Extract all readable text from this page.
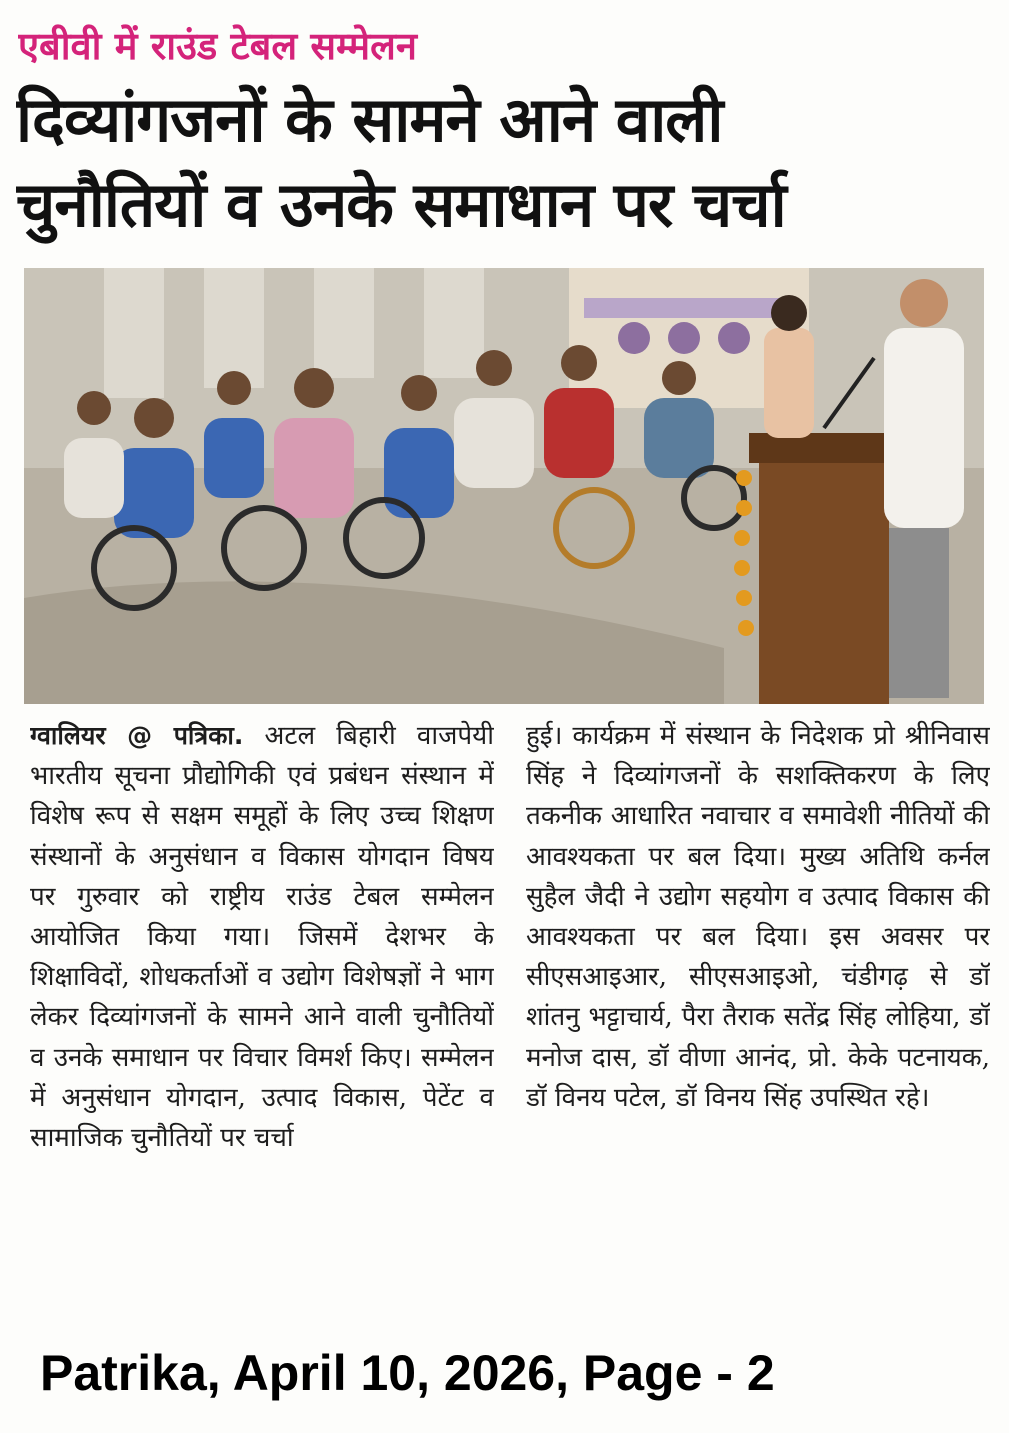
एबीवी में राउंड टेबल सम्मेलन
दिव्यांगजनों के सामने आने वाली
चुनौतियों व उनके समाधान पर चर्चा

ग्वालियर @ पत्रिका. अटल बिहारी वाजपेयी भारतीय सूचना प्रौद्योगिकी एवं प्रबंधन संस्थान में विशेष रूप से सक्षम समूहों के लिए उच्च शिक्षण संस्थानों के अनुसंधान व विकास योगदान विषय पर गुरुवार को राष्ट्रीय राउंड टेबल सम्मेलन आयोजित किया गया। जिसमें देशभर के शिक्षाविदों, शोधकर्ताओं व उद्योग विशेषज्ञों ने भाग लेकर दिव्यांगजनों के सामने आने वाली चुनौतियों व उनके समाधान पर विचार विमर्श किए। सम्मेलन में अनुसंधान योगदान, उत्पाद विकास, पेटेंट व सामाजिक चुनौतियों पर चर्चा

हुई। कार्यक्रम में संस्थान के निदेशक प्रो श्रीनिवास सिंह ने दिव्यांगजनों के सशक्तिकरण के लिए तकनीक आधारित नवाचार व समावेशी नीतियों की आवश्यकता पर बल दिया। मुख्य अतिथि कर्नल सुहैल जैदी ने उद्योग सहयोग व उत्पाद विकास की आवश्यकता पर बल दिया। इस अवसर पर सीएसआइआर, सीएसआइओ, चंडीगढ़ से डॉ शांतनु भट्टाचार्य, पैरा तैराक सतेंद्र सिंह लोहिया, डॉ मनोज दास, डॉ वीणा आनंद, प्रो. केके पटनायक, डॉ विनय पटेल, डॉ विनय सिंह उपस्थित रहे।

Patrika, April 10, 2026, Page - 2
